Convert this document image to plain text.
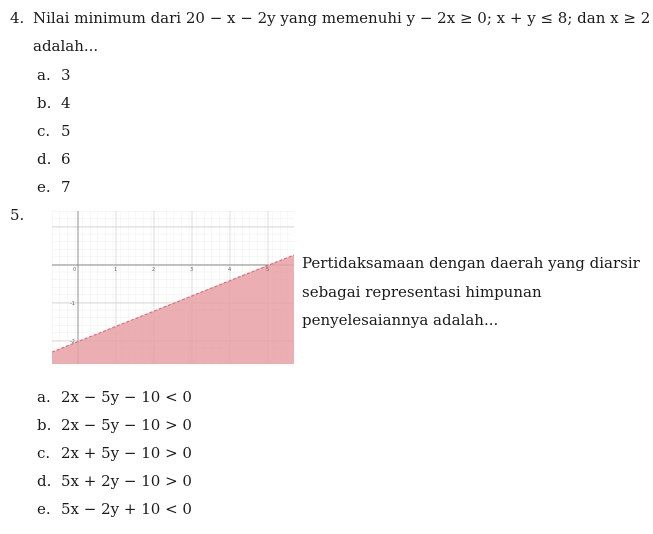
4. Nilai minimum dari 20 − x − 2y yang memenuhi y − 2x ≥ 0; x + y ≤ 8; dan x ≥ 2
adalah...
a. 3
b. 4
c. 5
d. 6
e. 7
5.
0	1	2	3	4	5
-1
-2
Pertidaksamaan dengan daerah yang diarsir
sebagai representasi himpunan
penyelesaiannya adalah...
a. 2x − 5y − 10 < 0
b. 2x − 5y − 10 > 0
c. 2x + 5y − 10 > 0
d. 5x + 2y − 10 > 0
e. 5x − 2y + 10 < 0
